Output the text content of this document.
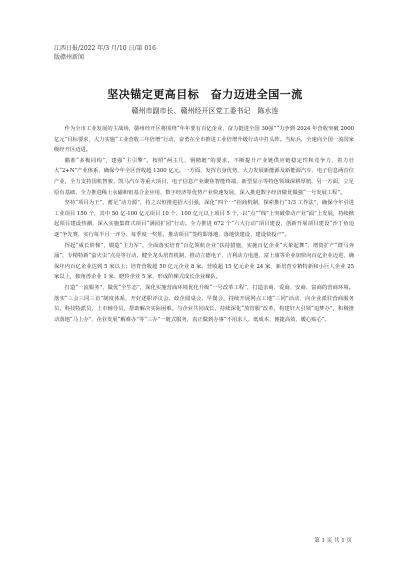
江西日报/2022 年/3 月/10 日/第 016
版赣州新闻
坚决锚定更高目标　奋力迈进全国一流
赣州市副市长、赣州经开区党工委书记　陈水连

作为全市工业发展的主战场，赣州经开区将围绕“年年要有百亿企业，奋力挺进全国 30强”“力争到 2024 年营收突破 2000 亿元”目标要求，大力实施“工业营收三年倍增”行动，奋勇在全市推进工业倍增升级行动中打头阵。当标兵，全速向全国一流国家级经开区迈进。

瞄准“多极同构”，建强“主引擎”。按照“两主几、钢精链”的要求，不断提升产业链供应链稳定性和竞争力，着力壮大“2+N”产业体系，确保今年全区营收超 1300 亿元。一方面，发挥自身优势，大力发展新能源及新能源汽车、电子信息两首位产业，全力支持国机智骏、凯马汽车等重大项目，电子信息产业聚焦智能终端、新型显示等特色领域深耕厚植，另一方面，立足原有基础，全力推进稀土永磁和铝基合金应用、数字经济等优势产业快速发展，深入推进数字经济做优做强“一号发展工程”。

坚持“项目为王”，蓄足“动力源”，持之以恒推进招大引强，深化“四个一”招商机制，探索推行“1/3 工作法”，确保今年引进工业项目 150 个，其中 50 亿-100 亿元项目 10 个、100 亿元以上项目 5 个，以“点”“线”上突破带动产业“面”上发展，持续掀起项目建设热潮，深入实施集群式项目“满园扩园”行动。全力推进 672 个“六大行动”项目建设，创新开展项目建设“沙丁鱼追逐”争先赛，实行每半月一评分、每季度一奖惩，推动项目“签约即落地、落地快建设、建设快投产”。

挥起“威长阶梯”，锻造“主力军”，全面落实培育“百亿领航企业”扶持措施，实施百亿企业“大象起舞”、增资扩产“群马奔涌”、专精特新“萤火虫”点亮等行动，健全龙头培育机制，推动立德电子、吉利动力电池、富士康等企业加快向百亿企业迈进，确保年内百亿企业达到 5 家以上；培育营收超 50 亿元企业 8 家、营收超 15 亿元企业 24 家，新培育专精特新和小巨人企业 25 家以上，独角兽企业 1 家、瞪羚企业 5 家，形成阶梯式成长企业梯队。

打造“一流服务”，做优“全生态”，深化实施营商环境优化升级“一号改革工程”，打造亲商、爱商、安商、富商的营商环境。落实“三会三同三访”制度体系，开好述职评议会、政企圆桌会、早餐会，持续开展网点工地“三同”活动，向企业派驻营商服务员、科技特派员，上市辅导员，帮助解决实际困难。与企业共同成长，持续深化“放管服”改革，构建好大引领“追梦办”，积极推动落地“马上办”，企业发展“解难办”等“三办”一链式服务，真正做到办事“不用求人、低成本、便捷高效、暖心贴心”。

第 1 页 共 1 页
